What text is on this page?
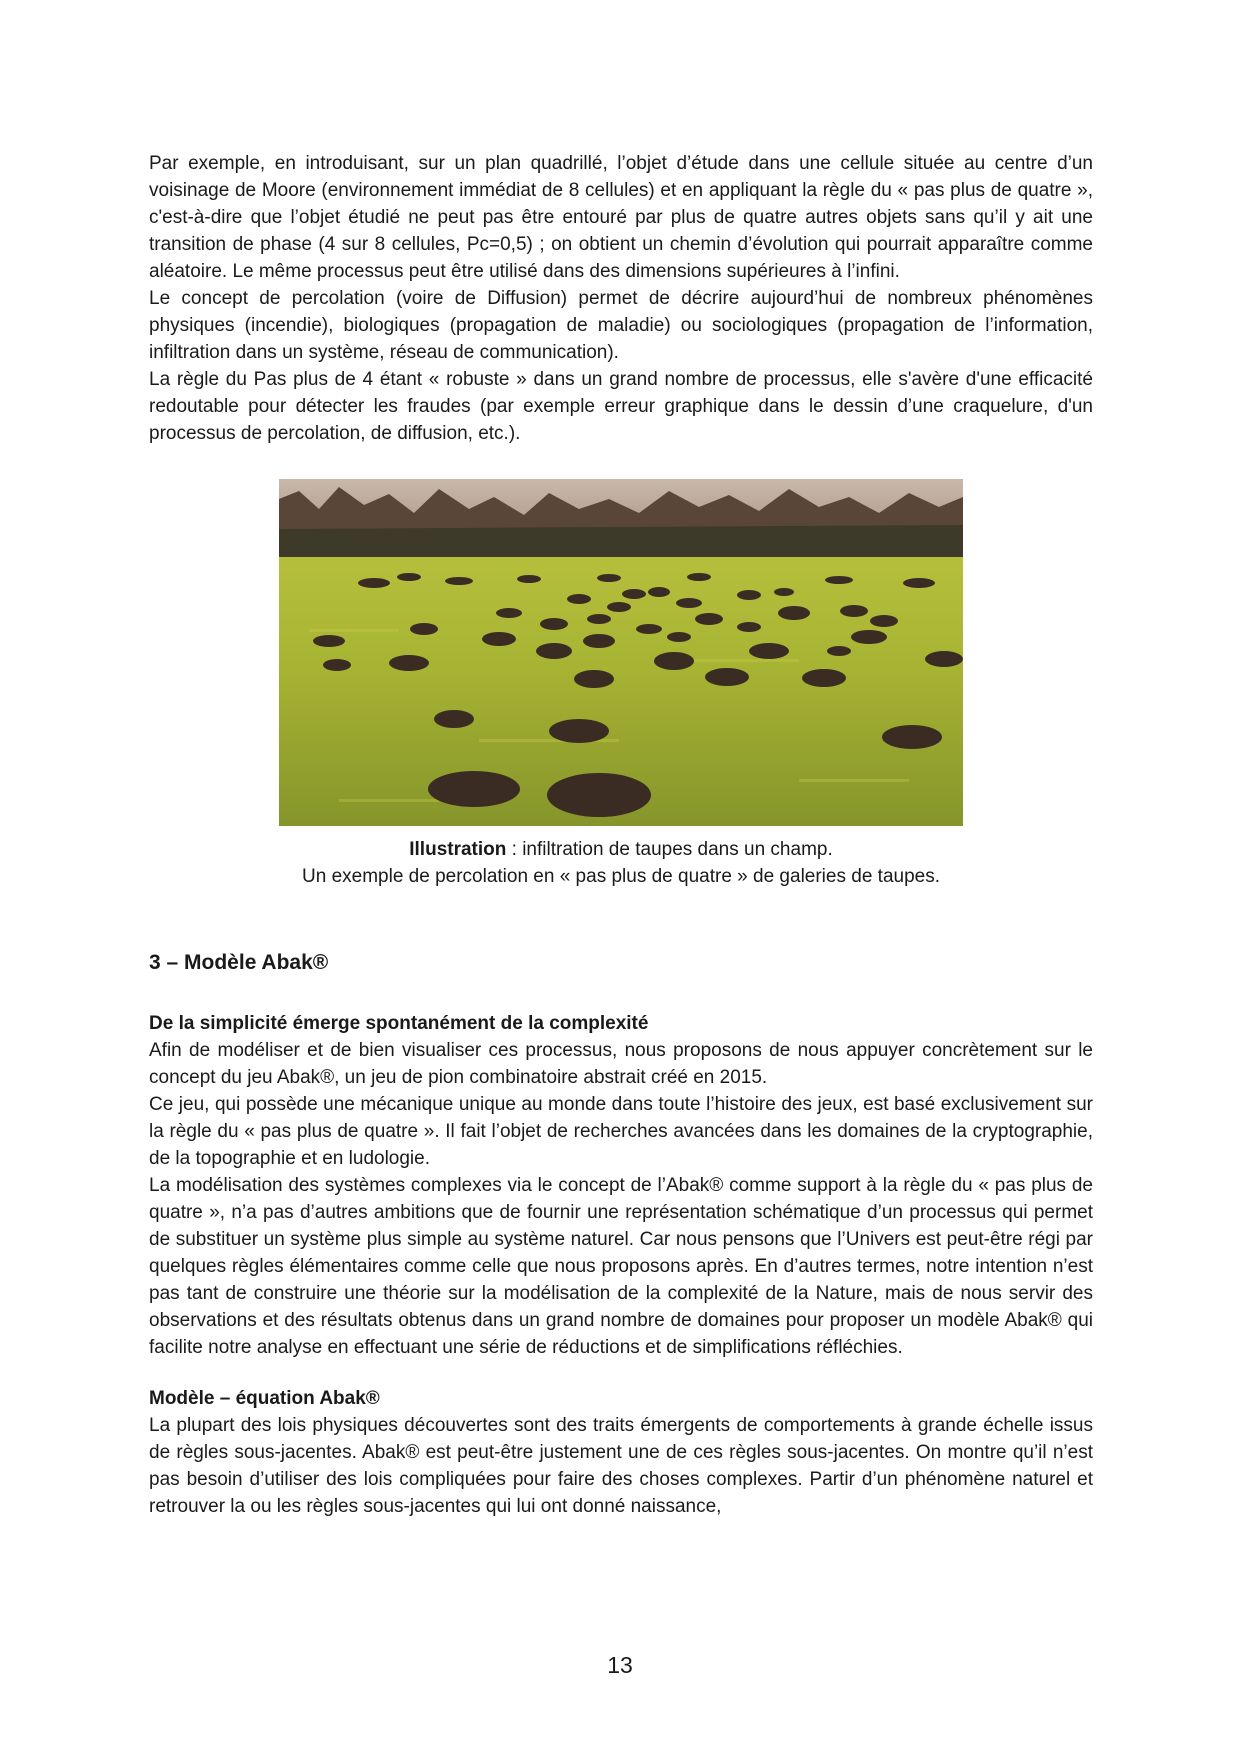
Par exemple, en introduisant, sur un plan quadrillé, l’objet d’étude dans une cellule située au centre d’un voisinage de Moore (environnement immédiat de 8 cellules) et en appliquant la règle du « pas plus de quatre », c'est-à-dire que l’objet étudié ne peut pas être entouré par plus de quatre autres objets sans qu’il y ait une transition de phase (4 sur 8 cellules, Pc=0,5) ; on obtient un chemin d’évolution qui pourrait apparaître comme aléatoire. Le même processus peut être utilisé dans des dimensions supérieures à l’infini.

Le concept de percolation (voire de Diffusion) permet de décrire aujourd’hui de nombreux phénomènes physiques (incendie), biologiques (propagation de maladie) ou sociologiques (propagation de l’information, infiltration dans un système, réseau de communication).

La règle du Pas plus de 4 étant « robuste » dans un grand nombre de processus, elle s'avère d'une efficacité redoutable pour détecter les fraudes (par exemple erreur graphique dans le dessin d’une craquelure, d'un processus de percolation, de diffusion, etc.).

Illustration : infiltration de taupes dans un champ.
Un exemple de percolation en « pas plus de quatre » de galeries de taupes.
3 – Modèle Abak®
De la simplicité émerge spontanément de la complexité

Afin de modéliser et de bien visualiser ces processus, nous proposons de nous appuyer concrètement sur le concept du jeu Abak®, un jeu de pion combinatoire abstrait créé en 2015.

Ce jeu, qui possède une mécanique unique au monde dans toute l’histoire des jeux, est basé exclusivement sur la règle du « pas plus de quatre ». Il fait l’objet de recherches avancées dans les domaines de la cryptographie, de la topographie et en ludologie.

La modélisation des systèmes complexes via le concept de l’Abak® comme support à la règle du « pas plus de quatre », n’a pas d’autres ambitions que de fournir une représentation schématique d’un processus qui permet de substituer un système plus simple au système naturel. Car nous pensons que l’Univers est peut-être régi par quelques règles élémentaires comme celle que nous proposons après. En d’autres termes, notre intention n’est pas tant de construire une théorie sur la modélisation de la complexité de la Nature, mais de nous servir des observations et des résultats obtenus dans un grand nombre de domaines pour proposer un modèle Abak® qui facilite notre analyse en effectuant une série de réductions et de simplifications réfléchies.

Modèle – équation Abak®

La plupart des lois physiques découvertes sont des traits émergents de comportements à grande échelle issus de règles sous-jacentes. Abak® est peut-être justement une de ces règles sous-jacentes. On montre qu’il n’est pas besoin d’utiliser des lois compliquées pour faire des choses complexes. Partir d’un phénomène naturel et retrouver la ou les règles sous-jacentes qui lui ont donné naissance,

13
